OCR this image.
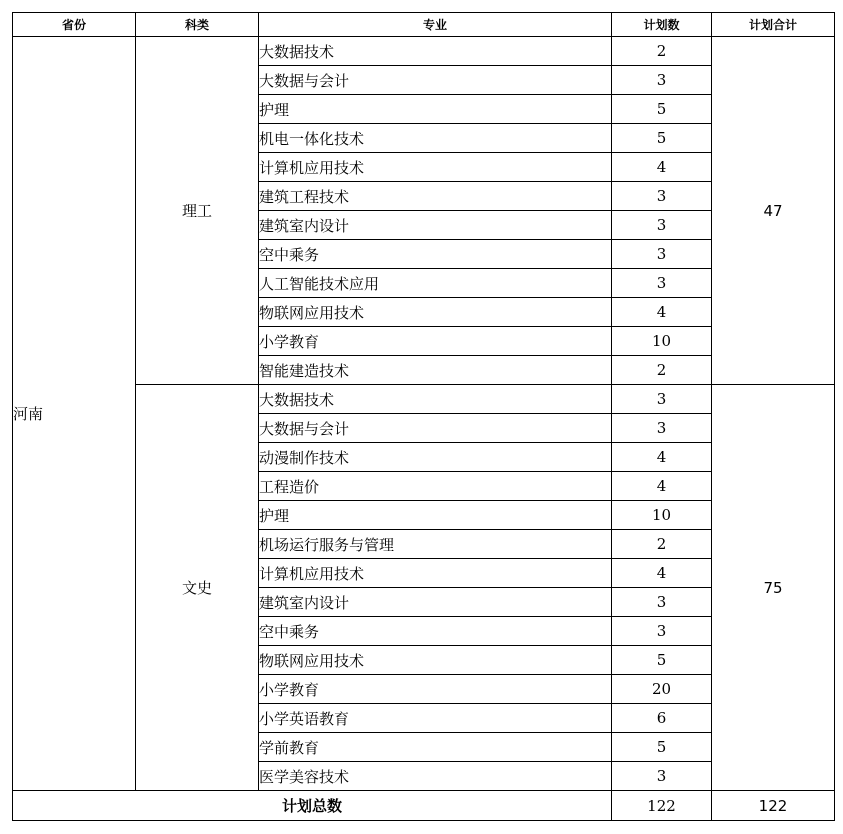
省份	科类	专业	计划数	计划合计
河南	理工	大数据技术	2	47
		大数据与会计	3	
		护理	5	
		机电一体化技术	5	
		计算机应用技术	4	
		建筑工程技术	3	
		建筑室内设计	3	
		空中乘务	3	
		人工智能技术应用	3	
		物联网应用技术	4	
		小学教育	10	
		智能建造技术	2	
	文史	大数据技术	3	75
		大数据与会计	3	
		动漫制作技术	4	
		工程造价	4	
		护理	10	
		机场运行服务与管理	2	
		计算机应用技术	4	
		建筑室内设计	3	
		空中乘务	3	
		物联网应用技术	5	
		小学教育	20	
		小学英语教育	6	
		学前教育	5	
		医学美容技术	3	
计划总数			122	122
